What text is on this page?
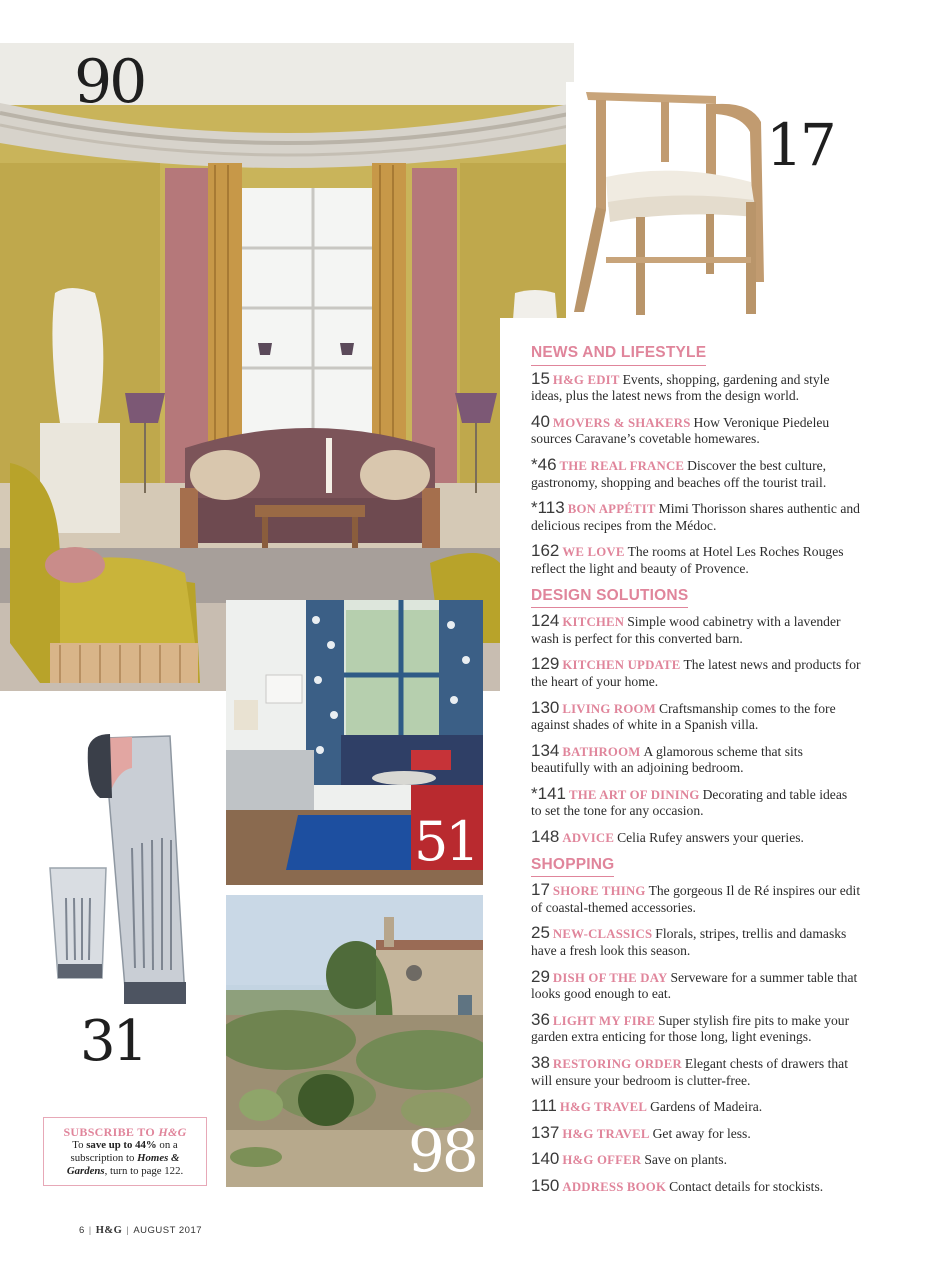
90
17
31
51
98
NEWS AND LIFESTYLE
15 H&G EDIT Events, shopping, gardening and style ideas, plus the latest news from the design world.
40 MOVERS & SHAKERS How Veronique Piedeleu sources Caravane’s covetable homewares.
*46 THE REAL FRANCE Discover the best culture, gastronomy, shopping and beaches off the tourist trail.
*113 BON APPÉTIT Mimi Thorisson shares authentic and delicious recipes from the Médoc.
162 WE LOVE The rooms at Hotel Les Roches Rouges reflect the light and beauty of Provence.
DESIGN SOLUTIONS
124 KITCHEN Simple wood cabinetry with a lavender wash is perfect for this converted barn.
129 KITCHEN UPDATE The latest news and products for the heart of your home.
130 LIVING ROOM Craftsmanship comes to the fore against shades of white in a Spanish villa.
134 BATHROOM A glamorous scheme that sits beautifully with an adjoining bedroom.
*141 THE ART OF DINING Decorating and table ideas to set the tone for any occasion.
148 ADVICE Celia Rufey answers your queries.
SHOPPING
17 SHORE THING The gorgeous Il de Ré inspires our edit of coastal-themed accessories.
25 NEW-CLASSICS Florals, stripes, trellis and damasks have a fresh look this season.
29 DISH OF THE DAY Serveware for a summer table that looks good enough to eat.
36 LIGHT MY FIRE Super stylish fire pits to make your garden extra enticing for those long, light evenings.
38 RESTORING ORDER Elegant chests of drawers that will ensure your bedroom is clutter-free.
111 H&G TRAVEL Gardens of Madeira.
137 H&G TRAVEL Get away for less.
140 H&G OFFER Save on plants.
150 ADDRESS BOOK Contact details for stockists.
SUBSCRIBE TO H&G
To save up to 44% on a subscription to Homes & Gardens, turn to page 122.
6 | H&G | AUGUST 2017
